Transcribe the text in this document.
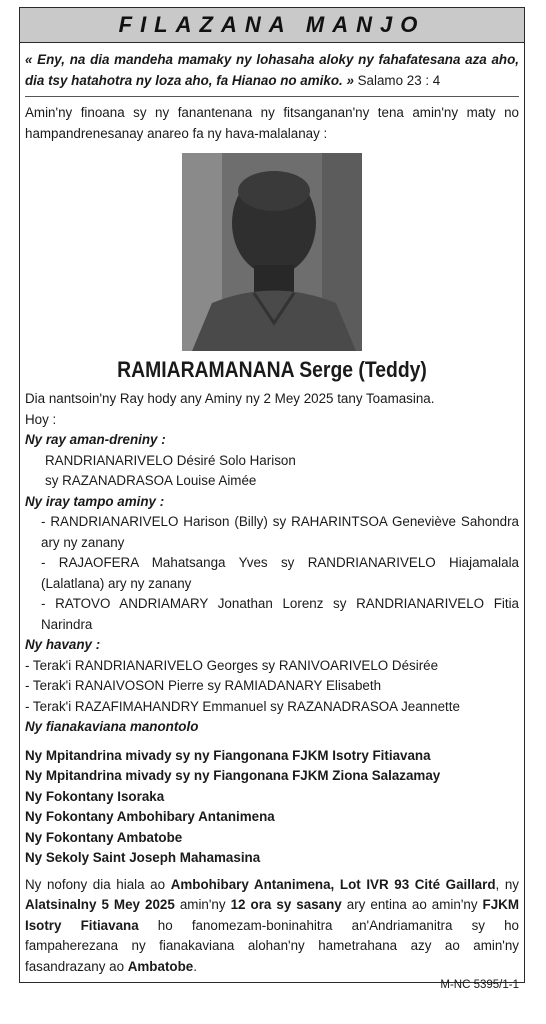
FILAZANA MANJO
« Eny, na dia mandeha mamaky ny lohasaha aloky ny fahafatesana aza aho, dia tsy hatahotra ny loza aho, fa Hianao no amiko. » Salamo 23 : 4

Amin'ny finoana sy ny fanantenana ny fitsanganan'ny tena amin'ny maty no hampandrenesanay anareo fa ny hava-malalanay :

RAMIARAMANANA Serge (Teddy)

Dia nantsoin'ny Ray hody any Aminy ny 2 Mey 2025 tany Toamasina.

Hoy :

Ny ray aman-dreniny :

RANDRIANARIVELO Désiré Solo Harison

sy RAZANADRASOA Louise Aimée

Ny iray tampo aminy :

- RANDRIANARIVELO Harison (Billy) sy RAHARINTSOA Geneviève Sahondra ary ny zanany

- RAJAOFERA Mahatsanga Yves sy RANDRIANARIVELO Hiajamalala (Lalatlana) ary ny zanany

- RATOVO ANDRIAMARY Jonathan Lorenz sy RANDRIANARIVELO Fitia Narindra

Ny havany :

- Terak'i RANDRIANARIVELO Georges sy RANIVOARIVELO Désirée

- Terak'i RANAIVOSON Pierre sy RAMIADANARY Elisabeth

- Terak'i RAZAFIMAHANDRY Emmanuel sy RAZANADRASOA Jeannette

Ny fianakaviana manontolo

Ny Mpitandrina mivady sy ny Fiangonana FJKM Isotry Fitiavana

Ny Mpitandrina mivady sy ny Fiangonana FJKM Ziona Salazamay

Ny Fokontany Isoraka

Ny Fokontany Ambohibary Antanimena

Ny Fokontany Ambatobe

Ny Sekoly Saint Joseph Mahamasina

Ny nofony dia hiala ao Ambohibary Antanimena, Lot IVR 93 Cité Gaillard, ny Alatsinalny 5 Mey 2025 amin'ny 12 ora sy sasany ary entina ao amin'ny FJKM Isotry Fitiavana ho fanomezam-boninahitra an'Andriamanitra sy ho fampaherezana ny fianakaviana alohan'ny hametrahana azy ao amin'ny fasandrazany ao Ambatobe.

M-NC 5395/1-1
